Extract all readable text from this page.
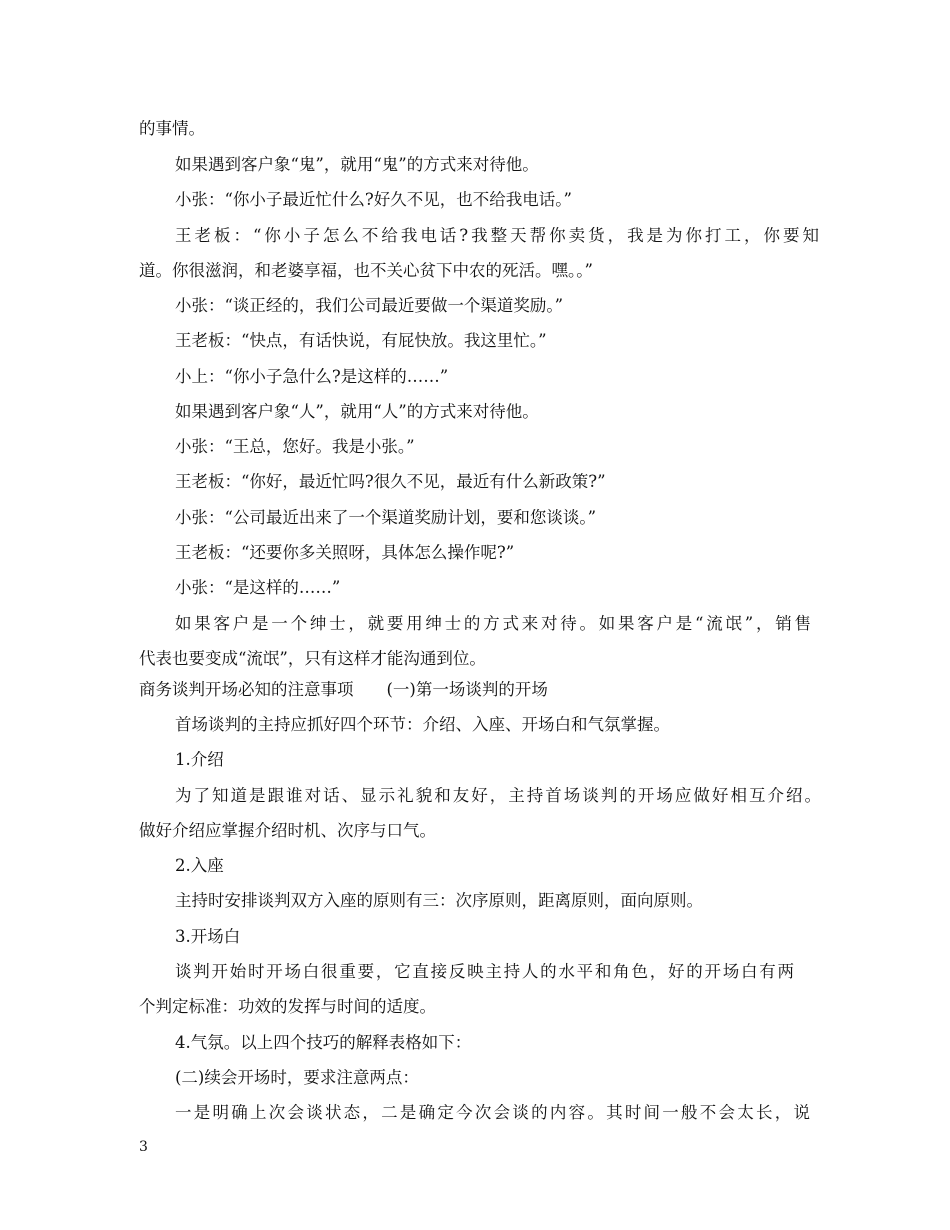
的事情。
如果遇到客户象“鬼”，就用“鬼”的方式来对待他。
小张：“你小子最近忙什么?好久不见，也不给我电话。”
王老板：“你小子怎么不给我电话?我整天帮你卖货，我是为你打工，你要知
道。你很滋润，和老婆享福，也不关心贫下中农的死活。嘿。。”
小张：“谈正经的，我们公司最近要做一个渠道奖励。”
王老板：“快点，有话快说，有屁快放。我这里忙。”
小上：“你小子急什么?是这样的……”
如果遇到客户象“人”，就用“人”的方式来对待他。
小张：“王总，您好。我是小张。”
王老板：“你好，最近忙吗?很久不见，最近有什么新政策?”
小张：“公司最近出来了一个渠道奖励计划，要和您谈谈。”
王老板：“还要你多关照呀，具体怎么操作呢?”
小张：“是这样的……”
如果客户是一个绅士，就要用绅士的方式来对待。如果客户是“流氓”，销售
代表也要变成“流氓”，只有这样才能沟通到位。
商务谈判开场必知的注意事项　　(一)第一场谈判的开场
首场谈判的主持应抓好四个环节：介绍、入座、开场白和气氛掌握。
1.介绍
为了知道是跟谁对话、显示礼貌和友好，主持首场谈判的开场应做好相互介绍。
做好介绍应掌握介绍时机、次序与口气。
2.入座
主持时安排谈判双方入座的原则有三：次序原则，距离原则，面向原则。
3.开场白
谈判开始时开场白很重要，它直接反映主持人的水平和角色，好的开场白有两
个判定标准：功效的发挥与时间的适度。
4.气氛。以上四个技巧的解释表格如下：
(二)续会开场时，要求注意两点：
一是明确上次会谈状态，二是确定今次会谈的内容。其时间一般不会太长，说
3
